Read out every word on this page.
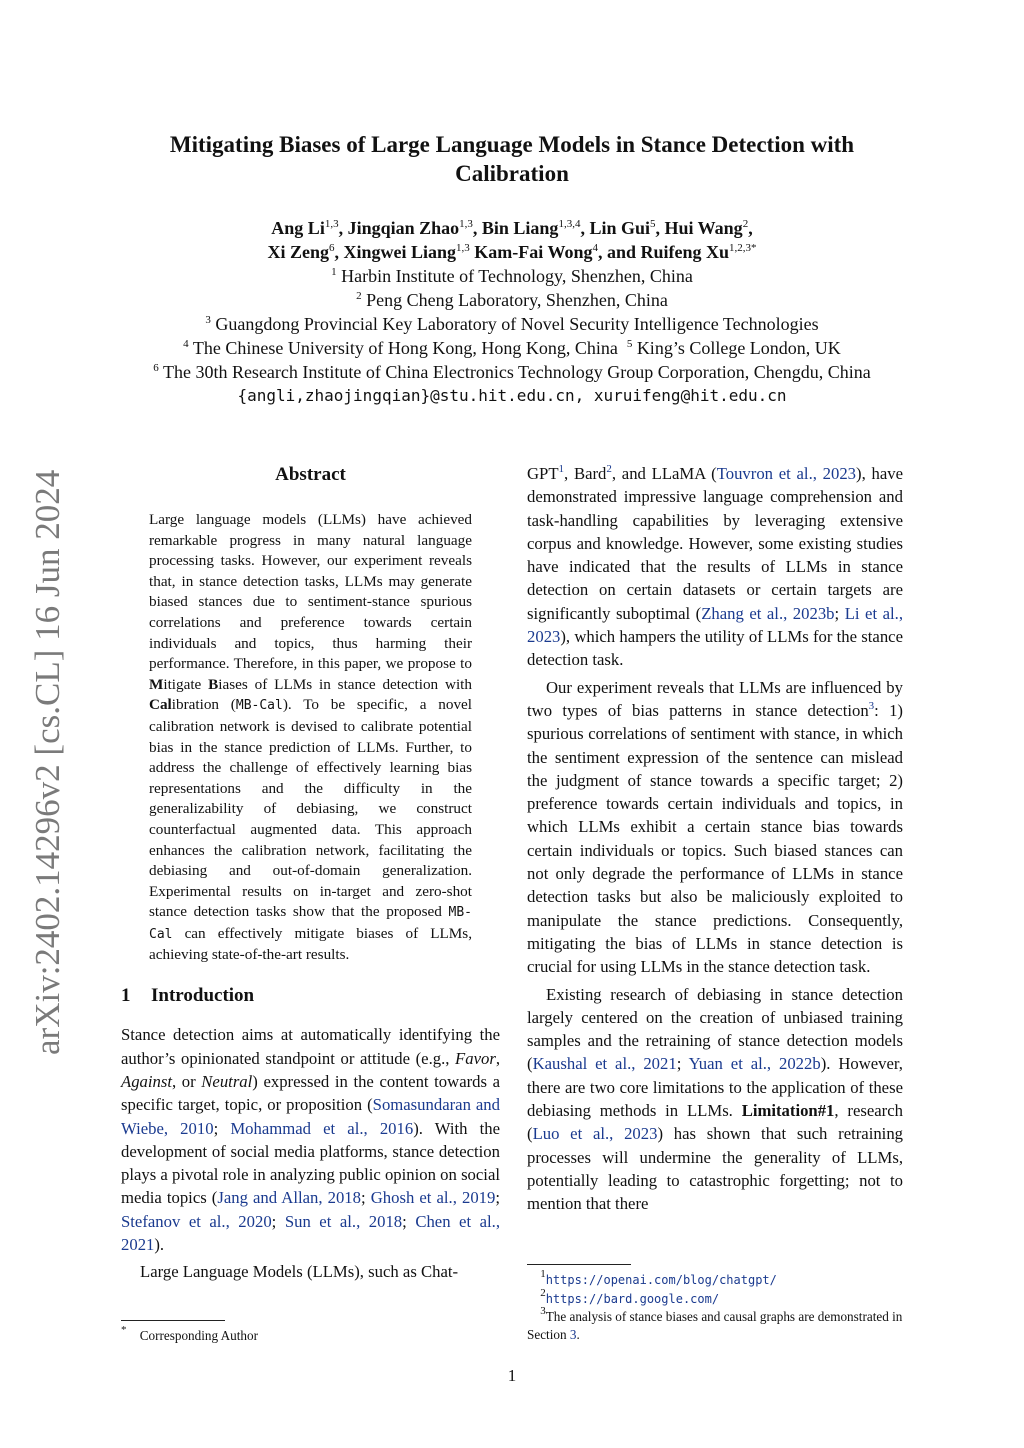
Mitigating Biases of Large Language Models in Stance Detection with Calibration
Ang Li$^{1,3}$, Jingqian Zhao$^{1,3}$, Bin Liang$^{1,3,4}$, Lin Gui$^5$, Hui Wang$^2$,
Xi Zeng$^6$, Xingwei Liang$^{1,3}$ Kam-Fai Wong$^4$, and Ruifeng $Xu^{1,2,3*}$
$^1$ Harbin Institute of Technology, Shenzhen, China
$^2$ Peng Cheng Laboratory, Shenzhen, China
$^3$ Guangdong Provincial Key Laboratory of Novel Security Intelligence Technologies
$^4$ The Chinese University of Hong Kong, Hong Kong, China $^5$ King’s College London, UK
$^6$ The 30th Research Institute of China Electronics Technology Group Corporation, Chengdu, China
{angli,zhaojingqian}@stu.hit.edu.cn, xuruifeng@hit.edu.cn
arXiv:2402.14296v2 [cs.CL] 16 Jun 2024	Abstract
Large language models (LLMs) have achieved remarkable progress in many natural language processing tasks. However, our experiment reveals that, in stance detection tasks, LLMs may generate biased stances due to sentiment-stance spurious correlations and preference towards certain individuals and topics, thus harming their performance. Therefore, in this paper, we propose to Mitigate Biases of LLMs in stance detection with Calibration (MB-Cal). To be specific, a novel calibration network is devised to calibrate potential bias in the stance prediction of LLMs. Further, to address the challenge of effectively learning bias representations and the difficulty in the generalizability of debiasing, we construct counterfactual augmented data. This approach enhances the calibration network, facilitating the debiasing and out-of-domain generalization. Experimental results on in-target and zero-shot stance detection tasks show that the proposed MB-Cal can effectively mitigate biases of LLMs, achieving state-of-the-art results.
1 Introduction

Stance detection aims at automatically identifying the author’s opinionated standpoint or attitude (e.g., Favor, Against, or Neutral) expressed in the content towards a specific target, topic, or proposition (Somasundaran and Wiebe, 2010; Mohammad et al., 2016). With the development of social media platforms, stance detection plays a pivotal role in analyzing public opinion on social media topics (Jang and Allan, 2018; Ghosh et al., 2019; Stefanov et al., 2020; Sun et al., 2018; Chen et al., 2021).

Large Language Models (LLMs), such as Chat-

GPT$^1$, Bard$^2$, and LLaMA (Touvron et al., 2023), have demonstrated impressive language comprehension and task-handling capabilities by leveraging extensive corpus and knowledge. However, some existing studies have indicated that the results of LLMs in stance detection on certain datasets or certain targets are significantly suboptimal (Zhang et al., 2023b; Li et al., 2023), which hampers the utility of LLMs for the stance detection task.

Our experiment reveals that LLMs are influenced by two types of bias patterns in stance detection$^3$: 1) spurious correlations of sentiment with stance, in which the sentiment expression of the sentence can mislead the judgment of stance towards a specific target; 2) preference towards certain individuals and topics, in which LLMs exhibit a certain stance bias towards certain individuals or topics. Such biased stances can not only degrade the performance of LLMs in stance detection tasks but also be maliciously exploited to manipulate the stance predictions. Consequently, mitigating the bias of LLMs in stance detection is crucial for using LLMs in the stance detection task.

Existing research of debiasing in stance detection largely centered on the creation of unbiased training samples and the retraining of stance detection models (Kaushal et al., 2021; Yuan et al., 2022b). However, there are two core limitations to the application of these debiasing methods in LLMs. Limitation#1, research (Luo et al., 2023) has shown that such retraining processes will undermine the generality of LLMs, potentially leading to catastrophic forgetting; not to mention that there

* Corresponding Author
$^1$https://openai.com/blog/chatgpt/
$^2$https://bard.google.com/
$^3$The analysis of stance biases and causal graphs are demonstrated in Section 3.
1
